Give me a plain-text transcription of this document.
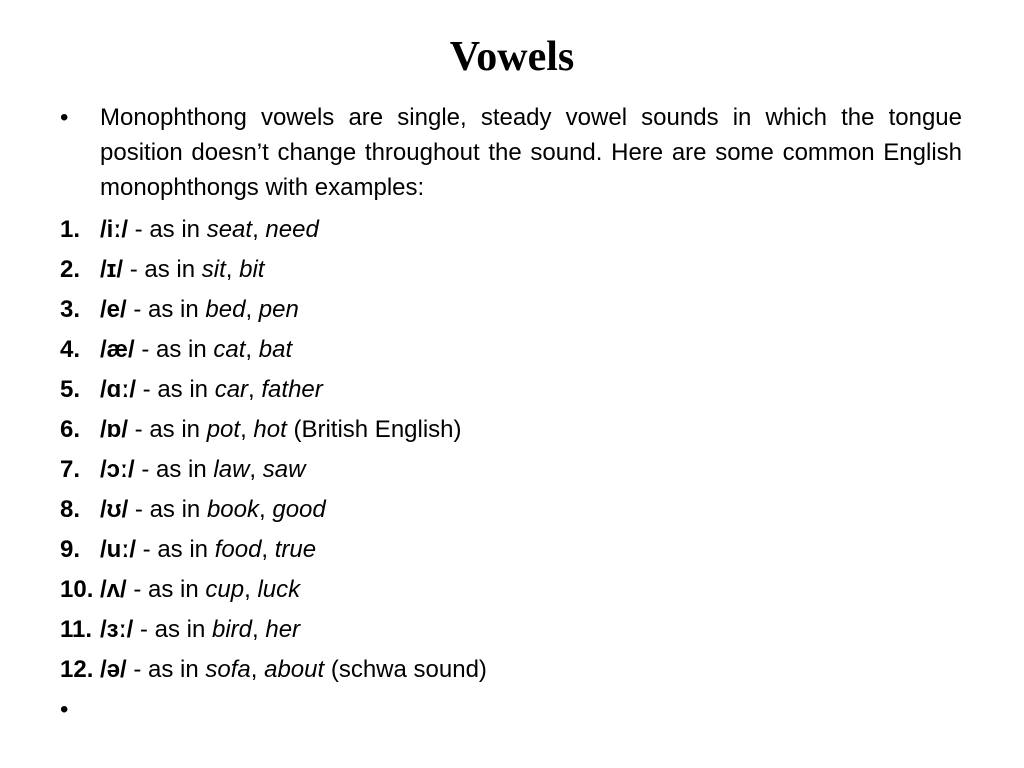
Vowels
•	Monophthong vowels are single, steady vowel sounds in which the tongue position doesn’t change throughout the sound. Here are some common English monophthongs with examples:
1. /iː/ - as in seat, need
2. /ɪ/ - as in sit, bit
3. /e/ - as in bed, pen
4. /æ/ - as in cat, bat
5. /ɑː/ - as in car, father
6. /ɒ/ - as in pot, hot (British English)
7. /ɔː/ - as in law, saw
8. /ʊ/ - as in book, good
9. /uː/ - as in food, true
10. /ʌ/ - as in cup, luck
11. /ɜː/ - as in bird, her
12. /ə/ - as in sofa, about (schwa sound)
•
